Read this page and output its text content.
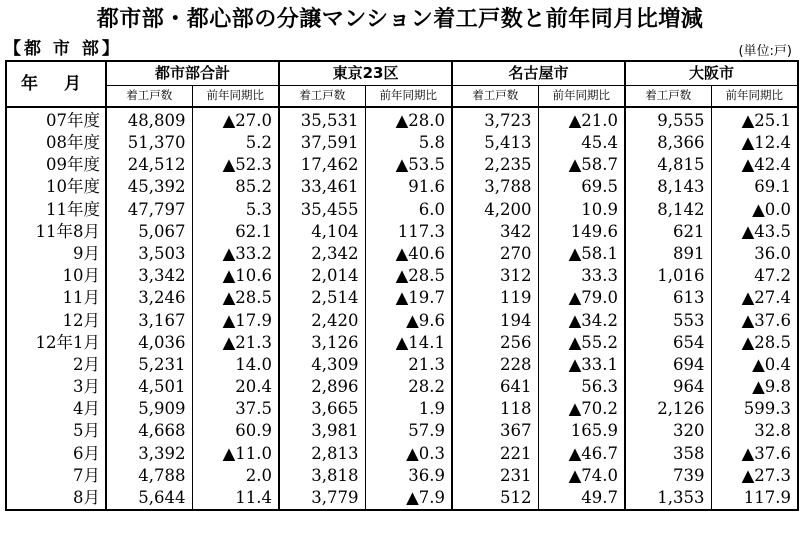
都市部・都心部の分譲マンション着工戸数と前年同月比増減
【都 市 部】	(単位:戸)
年 月	都市部合計		東京23区		名古屋市		大阪市	
	着工戸数	前年同期比	着工戸数	前年同期比	着工戸数	前年同期比	着工戸数	前年同期比
07年度	48,809	▲27.0	35,531	▲28.0	3,723	▲21.0	9,555	▲25.1
08年度	51,370	5.2	37,591	5.8	5,413	45.4	8,366	▲12.4
09年度	24,512	▲52.3	17,462	▲53.5	2,235	▲58.7	4,815	▲42.4
10年度	45,392	85.2	33,461	91.6	3,788	69.5	8,143	69.1
11年度	47,797	5.3	35,455	6.0	4,200	10.9	8,142	▲0.0
11年8月	5,067	62.1	4,104	117.3	342	149.6	621	▲43.5
9月	3,503	▲33.2	2,342	▲40.6	270	▲58.1	891	36.0
10月	3,342	▲10.6	2,014	▲28.5	312	33.3	1,016	47.2
11月	3,246	▲28.5	2,514	▲19.7	119	▲79.0	613	▲27.4
12月	3,167	▲17.9	2,420	▲9.6	194	▲34.2	553	▲37.6
12年1月	4,036	▲21.3	3,126	▲14.1	256	▲55.2	654	▲28.5
2月	5,231	14.0	4,309	21.3	228	▲33.1	694	▲0.4
3月	4,501	20.4	2,896	28.2	641	56.3	964	▲9.8
4月	5,909	37.5	3,665	1.9	118	▲70.2	2,126	599.3
5月	4,668	60.9	3,981	57.9	367	165.9	320	32.8
6月	3,392	▲11.0	2,813	▲0.3	221	▲46.7	358	▲37.6
7月	4,788	2.0	3,818	36.9	231	▲74.0	739	▲27.3
8月	5,644	11.4	3,779	▲7.9	512	49.7	1,353	117.9
